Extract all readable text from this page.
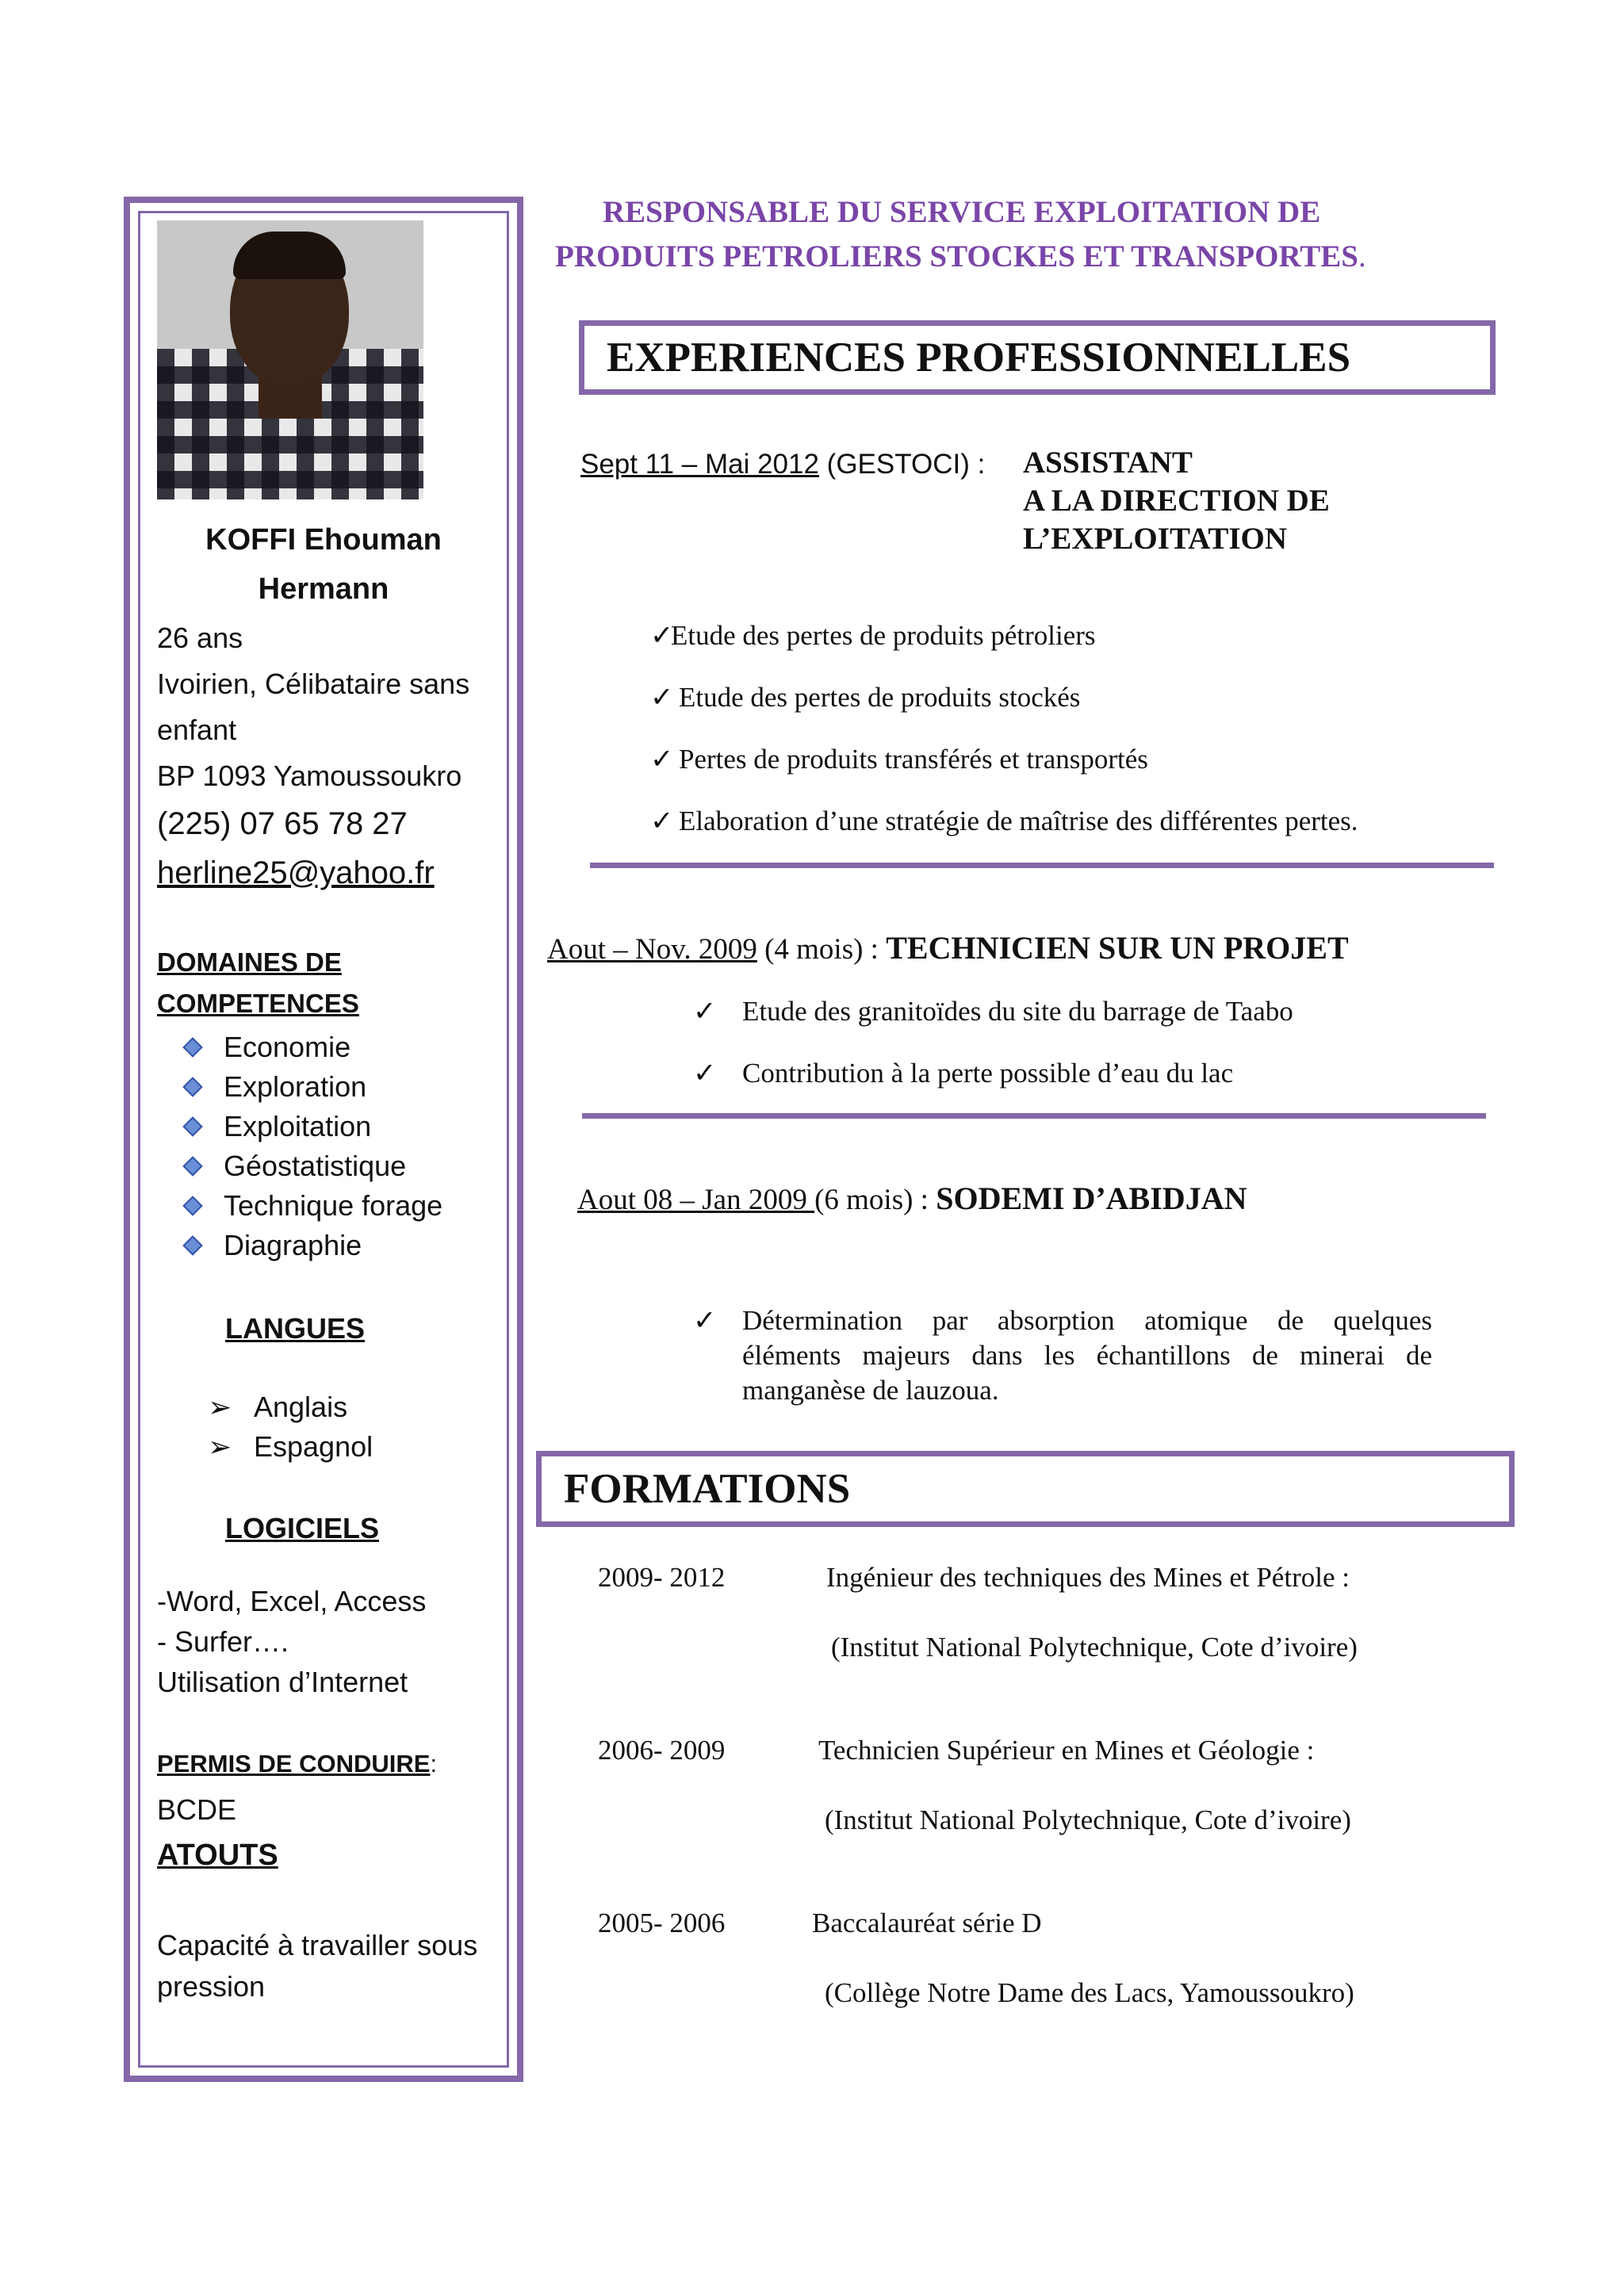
KOFFI Ehouman
Hermann
26 ans
Ivoirien, Célibataire sans
enfant
BP 1093 Yamoussoukro
(225) 07 65 78 27
herline25@yahoo.fr
DOMAINES DE
COMPETENCES
Economie
Exploration
Exploitation
Géostatistique
Technique forage
Diagraphie
LANGUES
➢ Anglais
➢ Espagnol
LOGICIELS
-Word, Excel, Access
- Surfer….
Utilisation d’Internet
PERMIS DE CONDUIRE:
BCDE
ATOUTS
Capacité à travailler sous
pression
RESPONSABLE DU SERVICE EXPLOITATION DE
PRODUITS PETROLIERS STOCKES ET TRANSPORTES.
EXPERIENCES PROFESSIONNELLES
Sept 11 – Mai 2012 (GESTOCI) : ASSISTANT
A LA DIRECTION DE
L’EXPLOITATION
✓Etude des pertes de produits pétroliers
✓ Etude des pertes de produits stockés
✓ Pertes de produits transférés et transportés
✓ Elaboration d’une stratégie de maîtrise des différentes pertes.
Aout – Nov. 2009 (4 mois) : TECHNICIEN SUR UN PROJET
✓ Etude des granitoïdes du site du barrage de Taabo
✓ Contribution à la perte possible d’eau du lac
Aout 08 – Jan 2009 (6 mois) : SODEMI D’ABIDJAN
✓ Détermination par absorption atomique de quelques
éléments majeurs dans les échantillons de minerai de
manganèse de lauzoua.
FORMATIONS
2009- 2012	Ingénieur des techniques des Mines et Pétrole :
(Institut National Polytechnique, Cote d’ivoire)
2006- 2009	Technicien Supérieur en Mines et Géologie :
(Institut National Polytechnique, Cote d’ivoire)
2005- 2006	Baccalauréat série D
(Collège Notre Dame des Lacs, Yamoussoukro)
